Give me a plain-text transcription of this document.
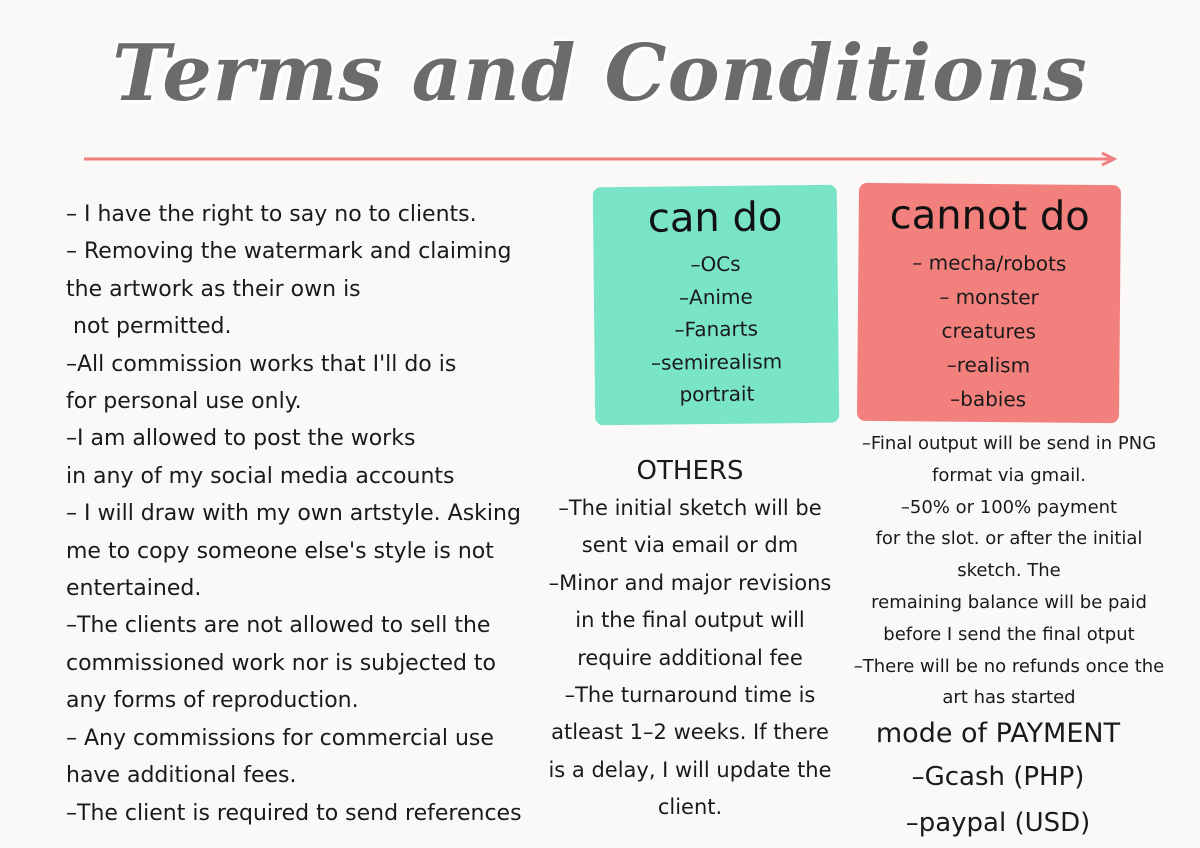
Terms and Conditions

– I have the right to say no to clients.

– Removing the watermark and claiming

the artwork as their own is

not permitted.

–All commission works that I'll do is

for personal use only.

–I am allowed to post the works

in any of my social media accounts

– I will draw with my own artstyle. Asking

me to copy someone else's style is not

entertained.

–The clients are not allowed to sell the

commissioned work nor is subjected to

any forms of reproduction.

– Any commissions for commercial use

have additional fees.

–The client is required to send references

can do
–OCs
–Anime
–Fanarts
–semirealism
portrait
cannot do
– mecha/robots
– monster
creatures
–realism
–babies
OTHERS
–The initial sketch will be
sent via email or dm
–Minor and major revisions
in the final output will
require additional fee
–The turnaround time is
atleast 1–2 weeks. If there
is a delay, I will update the
client.
–Final output will be send in PNG
format via gmail.
–50% or 100% payment
for the slot. or after the initial
sketch. The
remaining balance will be paid
before I send the final otput
–There will be no refunds once the
art has started
mode of PAYMENT
–Gcash (PHP)
–paypal (USD)
